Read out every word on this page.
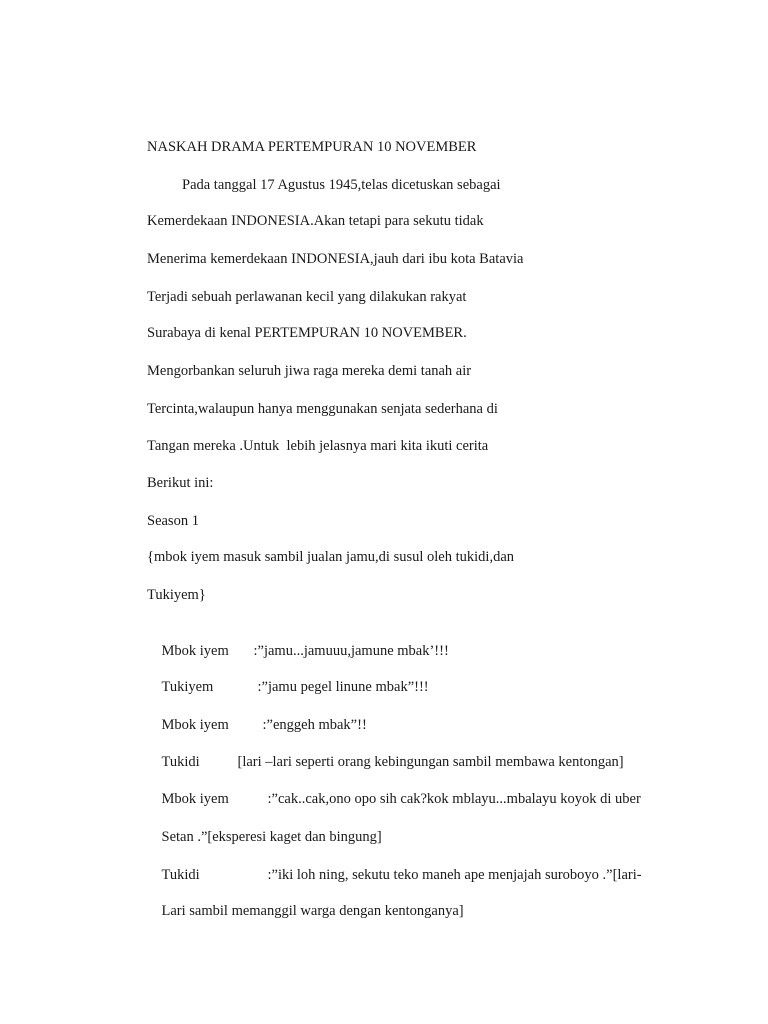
NASKAH DRAMA PERTEMPURAN 10 NOVEMBER
Pada tanggal 17 Agustus 1945,telas dicetuskan sebagai
Kemerdekaan INDONESIA.Akan tetapi para sekutu tidak
Menerima kemerdekaan INDONESIA,jauh dari ibu kota Batavia
Terjadi sebuah perlawanan kecil yang dilakukan rakyat
Surabaya di kenal PERTEMPURAN 10 NOVEMBER.
Mengorbankan seluruh jiwa raga mereka demi tanah air
Tercinta,walaupun hanya menggunakan senjata sederhana di
Tangan mereka .Untuk  lebih jelasnya mari kita ikuti cerita
Berikut ini:
Season 1
{mbok iyem masuk sambil jualan jamu,di susul oleh tukidi,dan
Tukiyem}

Mbok iyem :”jamu...jamuuu,jamune mbak’!!!

Tukiyem	:”jamu pegel linune mbak”!!!

Mbok iyem :”enggeh mbak”!!

Tukidi	[lari –lari seperti orang kebingungan sambil membawa kentongan]

Mbok iyem	:”cak..cak,ono opo sih cak?kok mblayu...mbalayu koyok di uber

Setan .”[eksperesi kaget dan bingung]

Tukidi	:”iki loh ning, sekutu teko maneh ape menjajah suroboyo .”[lari-

Lari sambil memanggil warga dengan kentonganya]
